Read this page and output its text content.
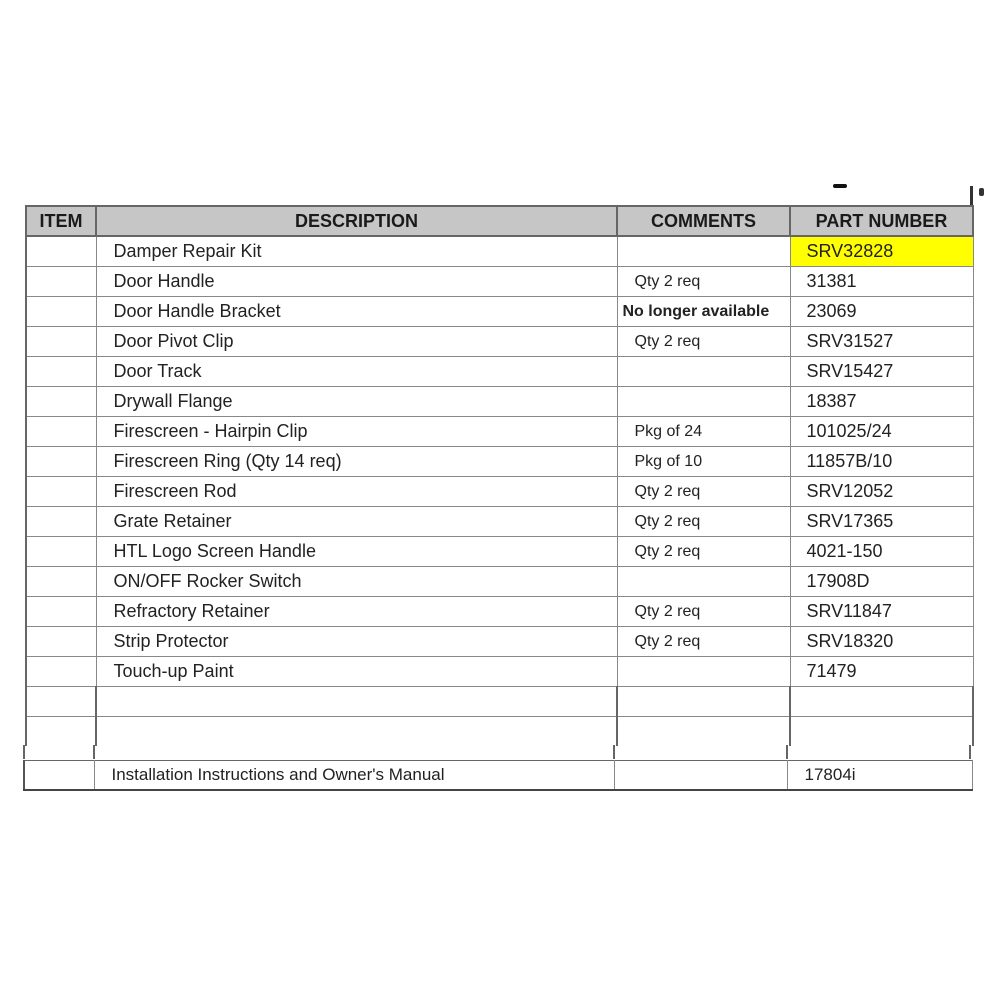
ITEM	DESCRIPTION	COMMENTS	PART NUMBER
	Damper Repair Kit		SRV32828
	Door Handle	Qty 2 req	31381
	Door Handle Bracket	No longer available	23069
	Door Pivot Clip	Qty 2 req	SRV31527
	Door Track		SRV15427
	Drywall Flange		18387
	Firescreen - Hairpin Clip	Pkg of 24	101025/24
	Firescreen Ring (Qty 14 req)	Pkg of 10	11857B/10
	Firescreen Rod	Qty 2 req	SRV12052
	Grate Retainer	Qty 2 req	SRV17365
	HTL Logo Screen Handle	Qty 2 req	4021-150
	ON/OFF Rocker Switch		17908D
	Refractory Retainer	Qty 2 req	SRV11847
	Strip Protector	Qty 2 req	SRV18320
	Touch-up Paint		71479

	Installation Instructions and Owner's Manual		17804i
